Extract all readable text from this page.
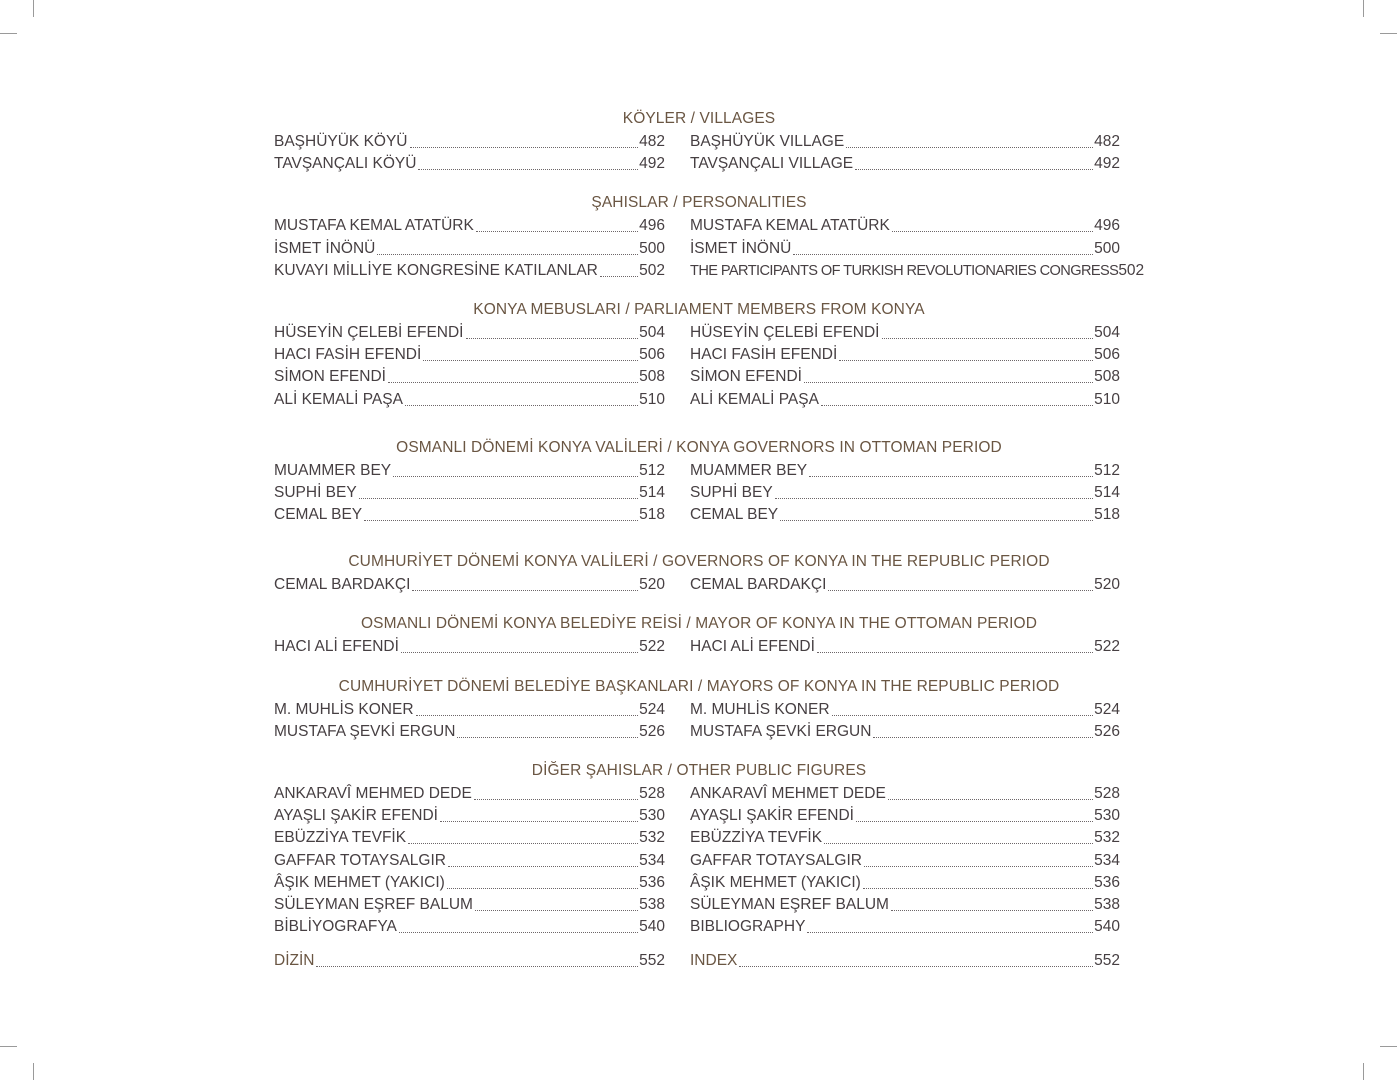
KÖYLER / VILLAGES
BAŞHÜYÜK KÖYÜ	482 BAŞHÜYÜK VILLAGE	482
TAVŞANÇALI KÖYÜ	492 TAVŞANÇALI VILLAGE	492
ŞAHISLAR / PERSONALITIES
MUSTAFA KEMAL ATATÜRK	496 MUSTAFA KEMAL ATATÜRK	496
İSMET İNÖNÜ	500 İSMET İNÖNÜ	500
KUVAYI MİLLİYE KONGRESİNE KATILANLAR	502 THE PARTICIPANTS OF TURKISH REVOLUTIONARIES CONGRESS 502
KONYA MEBUSLARI / PARLIAMENT MEMBERS FROM KONYA
HÜSEYİN ÇELEBİ EFENDİ	504 HÜSEYİN ÇELEBİ EFENDİ	504
HACI FASİH EFENDİ	506 HACI FASİH EFENDİ	506
SİMON EFENDİ	508 SİMON EFENDİ	508
ALİ KEMALİ PAŞA	510 ALİ KEMALİ PAŞA	510
OSMANLI DÖNEMİ KONYA VALİLERİ / KONYA GOVERNORS IN OTTOMAN PERIOD
MUAMMER BEY	512 MUAMMER BEY	512
SUPHİ BEY	514 SUPHİ BEY	514
CEMAL BEY	518 CEMAL BEY	518
CUMHURİYET DÖNEMİ KONYA VALİLERİ / GOVERNORS OF KONYA IN THE REPUBLIC PERIOD
CEMAL BARDAKÇI	520 CEMAL BARDAKÇI	520
OSMANLI DÖNEMİ KONYA BELEDİYE REİSİ / MAYOR OF KONYA IN THE OTTOMAN PERIOD
HACI ALİ EFENDİ	522 HACI ALİ EFENDİ	522
CUMHURİYET DÖNEMİ BELEDİYE BAŞKANLARI / MAYORS OF KONYA IN THE REPUBLIC PERIOD
M. MUHLİS KONER	524 M. MUHLİS KONER	524
MUSTAFA ŞEVKİ ERGUN	526 MUSTAFA ŞEVKİ ERGUN	526
DİĞER ŞAHISLAR / OTHER PUBLIC FIGURES
ANKARAVÎ MEHMED DEDE	528 ANKARAVÎ MEHMET DEDE	528
AYAŞLI ŞAKİR EFENDİ	530 AYAŞLI ŞAKİR EFENDİ	530
EBÜZZİYA TEVFİK	532 EBÜZZİYA TEVFİK	532
GAFFAR TOTAYSALGIR	534 GAFFAR TOTAYSALGIR	534
ÂŞIK MEHMET (YAKICI)	536 ÂŞIK MEHMET (YAKICI)	536
SÜLEYMAN EŞREF BALUM	538 SÜLEYMAN EŞREF BALUM	538
BİBLİYOGRAFYA	540 BIBLIOGRAPHY	540
DİZİN	552 INDEX	552
